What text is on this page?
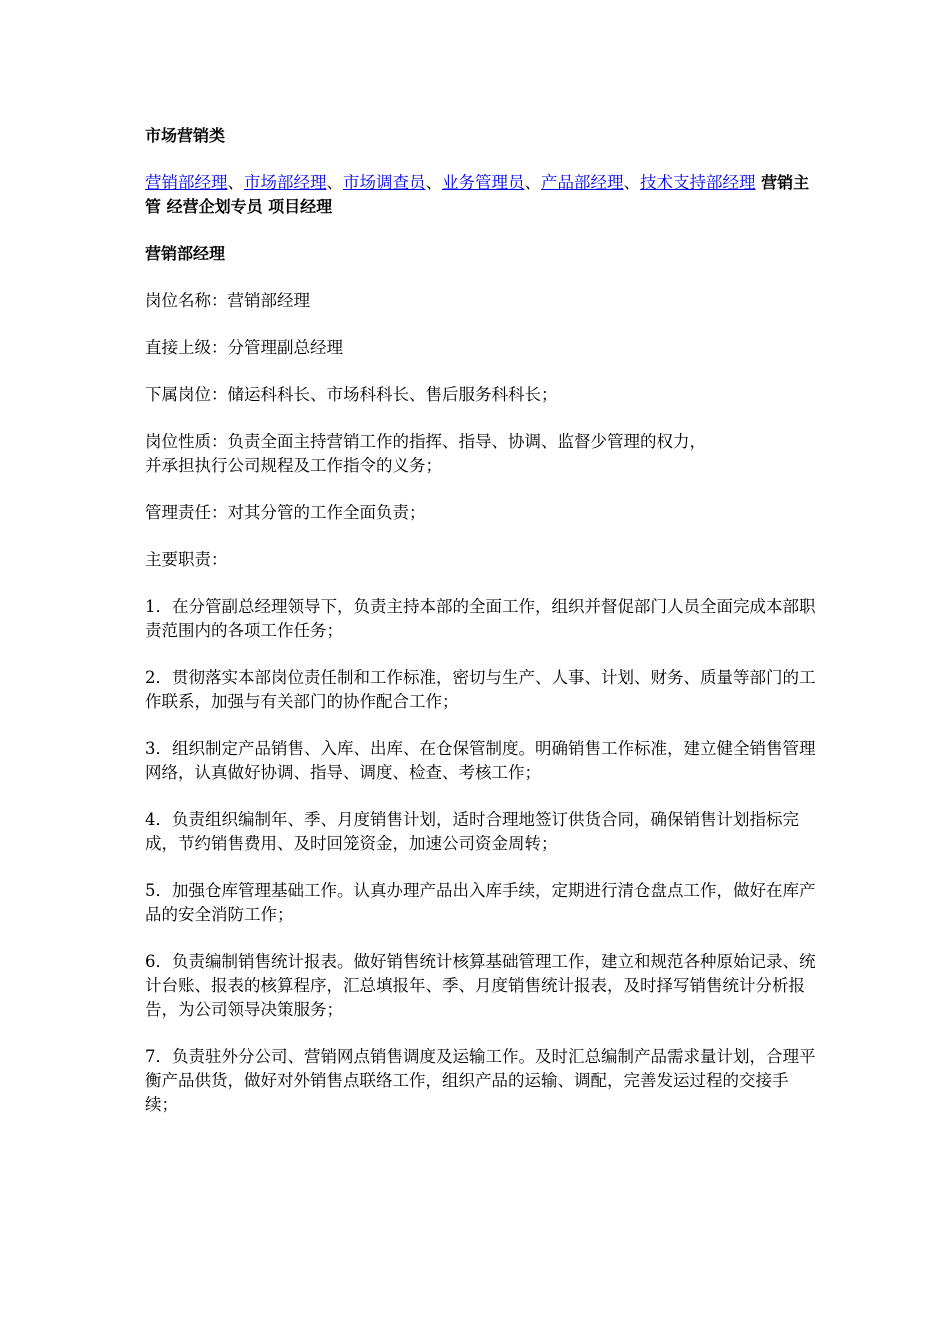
市场营销类
营销部经理、市场部经理、市场调查员、业务管理员、产品部经理、技术支持部经理 营销主管 经营企划专员 项目经理
营销部经理
岗位名称：营销部经理
直接上级：分管理副总经理
下属岗位：储运科科长、市场科科长、售后服务科科长；
岗位性质：负责全面主持营销工作的指挥、指导、协调、监督少管理的权力，
并承担执行公司规程及工作指令的义务；
管理责任：对其分管的工作全面负责；
主要职责：
1．在分管副总经理领导下，负责主持本部的全面工作，组织并督促部门人员全面完成本部职责范围内的各项工作任务；
2．贯彻落实本部岗位责任制和工作标准，密切与生产、人事、计划、财务、质量等部门的工作联系，加强与有关部门的协作配合工作；
3．组织制定产品销售、入库、出库、在仓保管制度。明确销售工作标准，建立健全销售管理网络，认真做好协调、指导、调度、检查、考核工作；
4．负责组织编制年、季、月度销售计划，适时合理地签订供货合同，确保销售计划指标完成，节约销售费用、及时回笼资金，加速公司资金周转；
5．加强仓库管理基础工作。认真办理产品出入库手续，定期进行清仓盘点工作，做好在库产品的安全消防工作；
6．负责编制销售统计报表。做好销售统计核算基础管理工作，建立和规范各种原始记录、统计台账、报表的核算程序，汇总填报年、季、月度销售统计报表，及时择写销售统计分析报告，为公司领导决策服务；
7．负责驻外分公司、营销网点销售调度及运输工作。及时汇总编制产品需求量计划，合理平衡产品供货，做好对外销售点联络工作，组织产品的运输、调配，完善发运过程的交接手续；
